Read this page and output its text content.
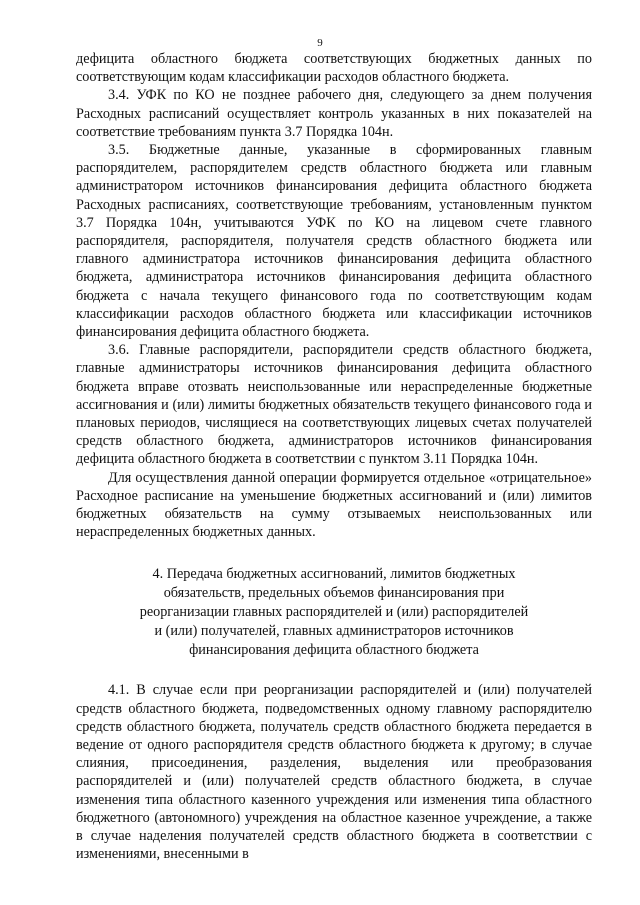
9

дефицита областного бюджета соответствующих бюджетных данных по соответствующим кодам классификации расходов областного бюджета.

3.4. УФК по КО не позднее рабочего дня, следующего за днем получения Расходных расписаний осуществляет контроль указанных в них показателей на соответствие требованиям пункта 3.7 Порядка 104н.

3.5. Бюджетные данные, указанные в сформированных главным распорядителем, распорядителем средств областного бюджета или главным администратором источников финансирования дефицита областного бюджета Расходных расписаниях, соответствующие требованиям, установленным пунктом 3.7 Порядка 104н, учитываются УФК по КО на лицевом счете главного распорядителя, распорядителя, получателя средств областного бюджета или главного администратора источников финансирования дефицита областного бюджета, администратора источников финансирования дефицита областного бюджета с начала текущего финансового года по соответствующим кодам классификации расходов областного бюджета или классификации источников финансирования дефицита областного бюджета.

3.6. Главные распорядители, распорядители средств областного бюджета, главные администраторы источников финансирования дефицита областного бюджета вправе отозвать неиспользованные или нераспределенные бюджетные ассигнования и (или) лимиты бюджетных обязательств текущего финансового года и плановых периодов, числящиеся на соответствующих лицевых счетах получателей средств областного бюджета, администраторов источников финансирования дефицита областного бюджета в соответствии с пунктом 3.11 Порядка 104н.

Для осуществления данной операции формируется отдельное «отрицательное» Расходное расписание на уменьшение бюджетных ассигнований и (или) лимитов бюджетных обязательств на сумму отзываемых неиспользованных или нераспределенных бюджетных данных.

4. Передача бюджетных ассигнований, лимитов бюджетных
обязательств, предельных объемов финансирования при
реорганизации главных распорядителей и (или) распорядителей
и (или) получателей, главных администраторов источников
финансирования дефицита областного бюджета

4.1. В случае если при реорганизации распорядителей и (или) получателей средств областного бюджета, подведомственных одному главному распорядителю средств областного бюджета, получатель средств областного бюджета передается в ведение от одного распорядителя средств областного бюджета к другому; в случае слияния, присоединения, разделения, выделения или преобразования распорядителей и (или) получателей средств областного бюджета, в случае изменения типа областного казенного учреждения или изменения типа областного бюджетного (автономного) учреждения на областное казенное учреждение, а также в случае наделения получателей средств областного бюджета в соответствии с изменениями, внесенными в
